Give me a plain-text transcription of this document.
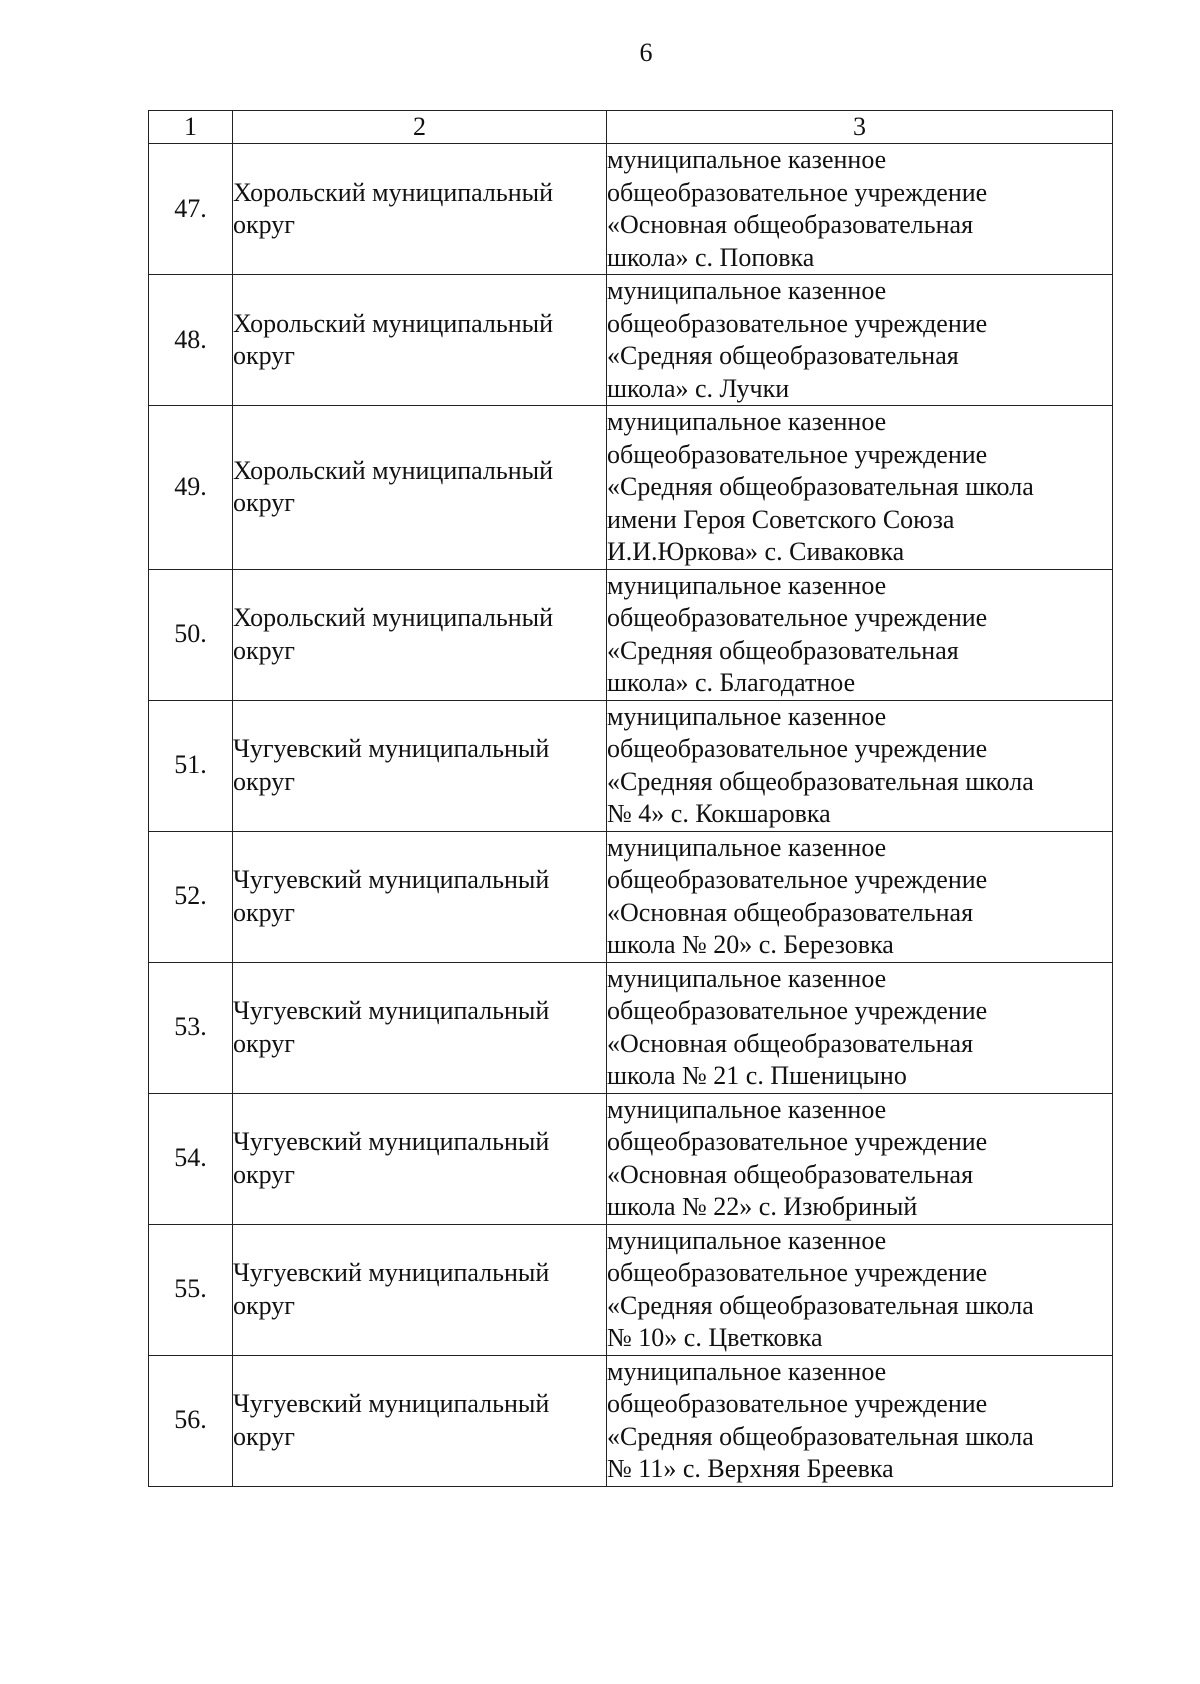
6
1	2	3
47.	Хорольский муниципальный округ	муниципальное казенное
общеобразовательное учреждение
«Основная общеобразовательная
школа» с. Поповка

48.	Хорольский муниципальный округ	муниципальное казенное
общеобразовательное учреждение
«Средняя общеобразовательная
школа» с. Лучки

49.	Хорольский муниципальный округ	муниципальное казенное
общеобразовательное учреждение
«Средняя общеобразовательная школа
имени Героя Советского Союза
И.И.Юркова» с. Сиваковка

50.	Хорольский муниципальный округ	муниципальное казенное
общеобразовательное учреждение
«Средняя общеобразовательная
школа» с. Благодатное

51.	Чугуевский муниципальный округ	муниципальное казенное
общеобразовательное учреждение
«Средняя общеобразовательная школа
№ 4» с. Кокшаровка

52.	Чугуевский муниципальный округ	муниципальное казенное
общеобразовательное учреждение
«Основная общеобразовательная
школа № 20» с. Березовка

53.	Чугуевский муниципальный округ	муниципальное казенное
общеобразовательное учреждение
«Основная общеобразовательная
школа № 21 с. Пшеницыно

54.	Чугуевский муниципальный округ	муниципальное казенное
общеобразовательное учреждение
«Основная общеобразовательная
школа № 22» с. Изюбриный

55.	Чугуевский муниципальный округ	муниципальное казенное
общеобразовательное учреждение
«Средняя общеобразовательная школа
№ 10» с. Цветковка

56.	Чугуевский муниципальный округ	муниципальное казенное
общеобразовательное учреждение
«Средняя общеобразовательная школа
№ 11» с. Верхняя Бреевка
